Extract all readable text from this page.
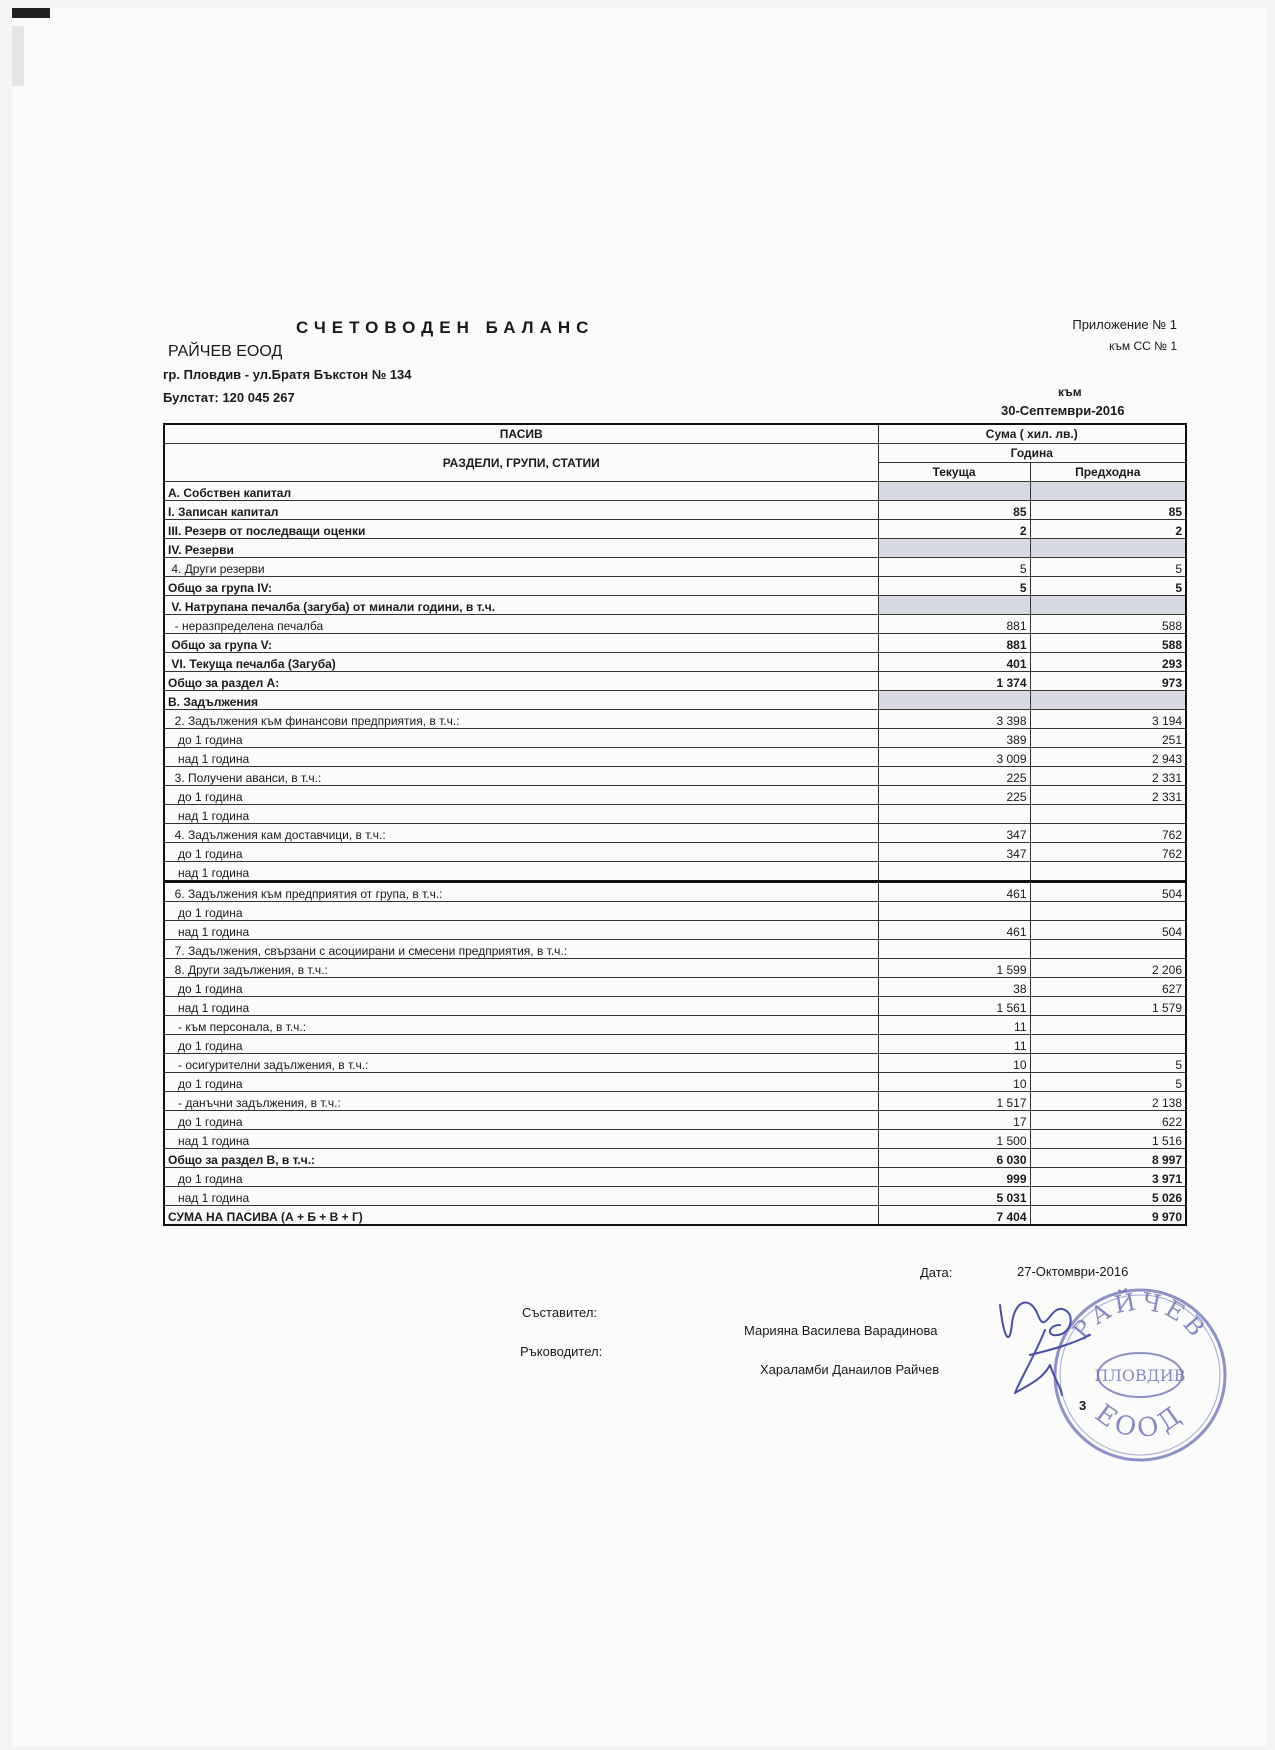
СЧЕТОВОДЕН БАЛАНС
РАЙЧЕВ ЕООД
гр. Пловдив - ул.Братя Бъкстон № 134
Булстат: 120 045 267
Приложение № 1
към СС № 1
към
30-Септември-2016
ПАСИВ	Сума ( хил. лв.)	
РАЗДЕЛИ, ГРУПИ, СТАТИИ	Година	
	Текуща	Предходна
А. Собствен капитал		
I. Записан капитал	85	85
III. Резерв от последващи оценки	2	2
IV. Резерви		
4. Други резерви	5	5
Общо за група IV:	5	5
V. Натрупана печалба (загуба) от минали години, в т.ч.		
- неразпределена печалба	881	588
Общо за група V:	881	588
VI. Текуща печалба (Загуба)	401	293
Общо за раздел А:	1 374	973
В. Задължения		
2. Задължения към финансови предприятия, в т.ч.:	3 398	3 194
до 1 година	389	251
над 1 година	3 009	2 943
3. Получени аванси, в т.ч.:	225	2 331
до 1 година	225	2 331
над 1 година		
4. Задължения кам доставчици, в т.ч.:	347	762
до 1 година	347	762
над 1 година		
6. Задължения към предприятия от група, в т.ч.:	461	504
до 1 година		
над 1 година	461	504
7. Задължения, свързани с асоциирани и смесени предприятия, в т.ч.:		
8. Други задължения, в т.ч.:	1 599	2 206
до 1 година	38	627
над 1 година	1 561	1 579
- към персонала, в т.ч.:	11	
до 1 година	11	
- осигурителни задължения, в т.ч.:	10	5
до 1 година	10	5
- данъчни задължения, в т.ч.:	1 517	2 138
до 1 година	17	622
над 1 година	1 500	1 516
Общо за раздел В, в т.ч.:	6 030	8 997
до 1 година	999	3 971
над 1 година	5 031	5 026
СУМА НА ПАСИВА (А + Б + В + Г)	7 404	9 970
Дата:	27-Октомври-2016
Съставител:
Марияна Василева Варадинова
Ръководител:
Хараламби Данаилов Райчев
РАЙЧЕВ
ПЛОВДИВ
ЕООД
3
